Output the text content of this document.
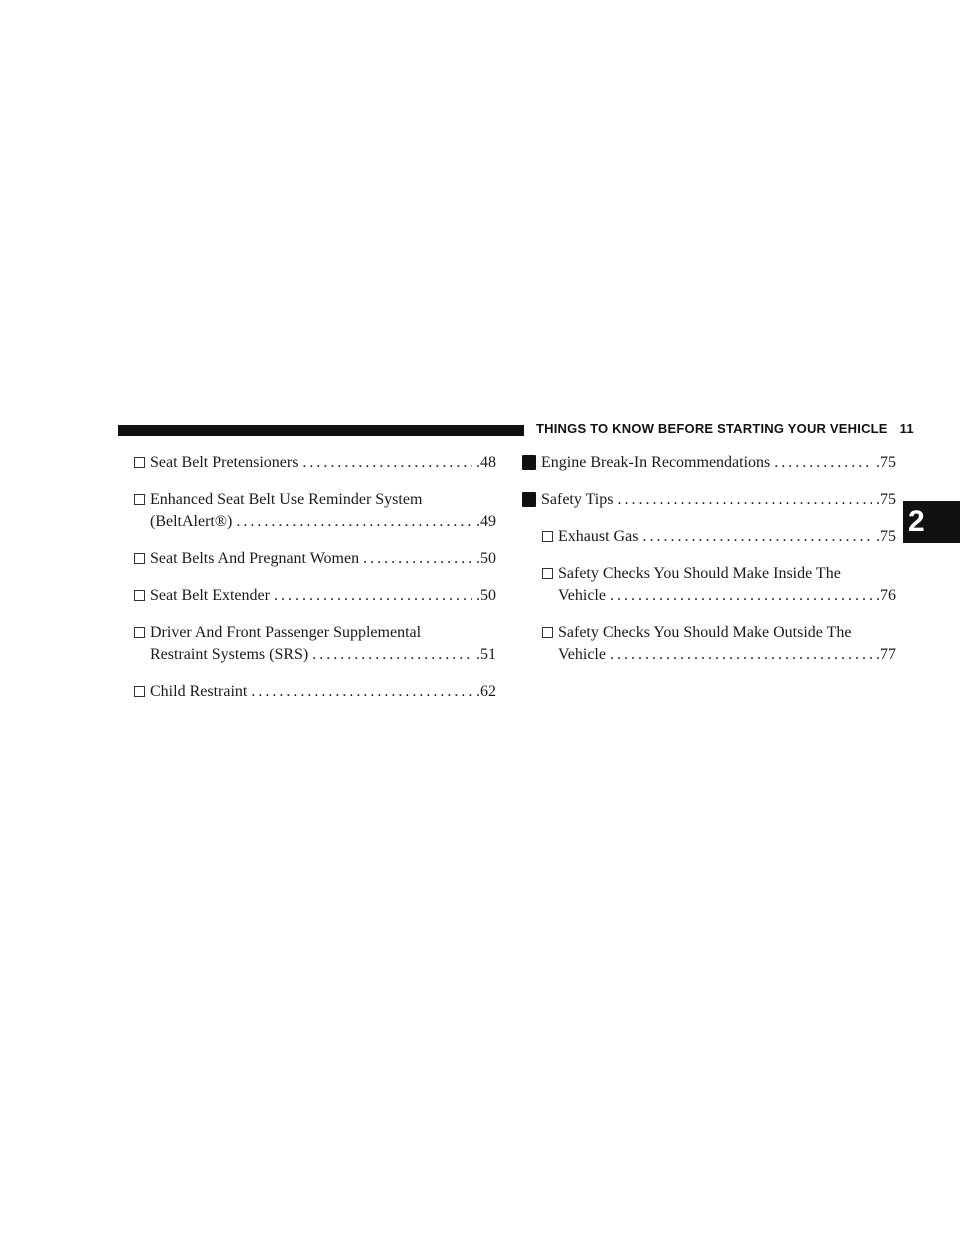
THINGS TO KNOW BEFORE STARTING YOUR VEHICLE 11
2
Seat Belt Pretensioners . . .	.48
Enhanced Seat Belt Use Reminder System
(BeltAlert®) . . .	.49
Seat Belts And Pregnant Women . . .	.50
Seat Belt Extender . . .	.50
Driver And Front Passenger Supplemental
Restraint Systems (SRS) . . .	.51
Child Restraint . . .	.62
Engine Break-In Recommendations . . .	.75
Safety Tips . . .	.75
Exhaust Gas . . .	.75
Safety Checks You Should Make Inside The
Vehicle . . .	.76
Safety Checks You Should Make Outside The
Vehicle . . .	.77
